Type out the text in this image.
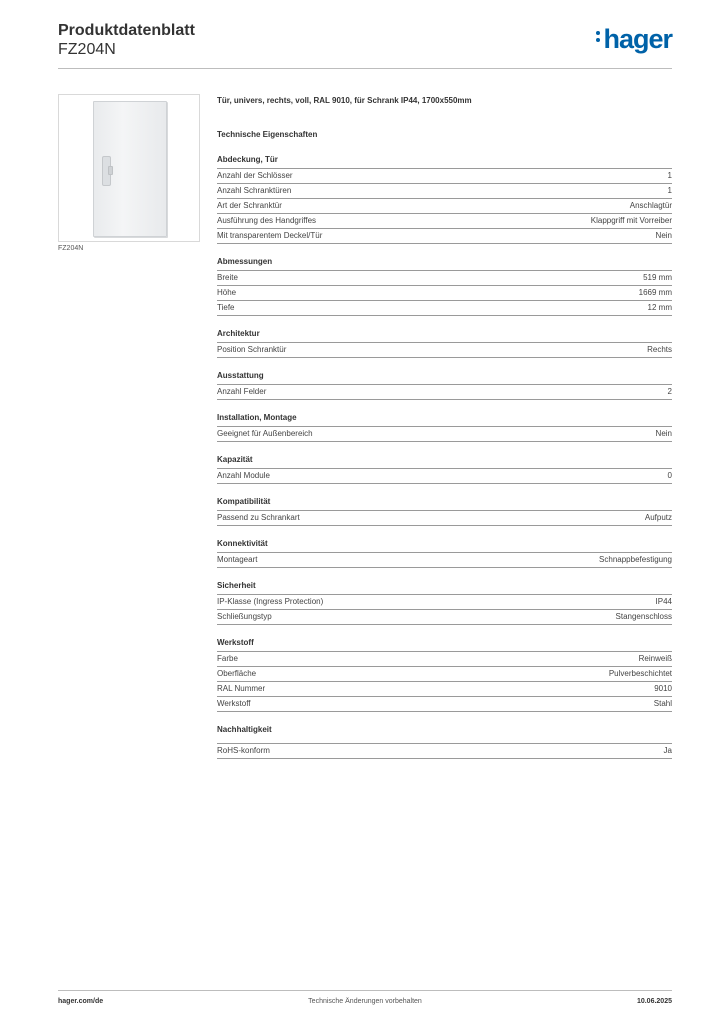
Produktdatenblatt
FZ204N	hager
FZ204N
Tür, univers, rechts, voll, RAL 9010, für Schrank IP44, 1700x550mm
Technische Eigenschaften
Abdeckung, Tür
Anzahl der Schlösser	1
Anzahl Schranktüren	1
Art der Schranktür	Anschlagtür
Ausführung des Handgriffes	Klappgriff mit Vorreiber
Mit transparentem Deckel/Tür	Nein
Abmessungen
Breite	519 mm
Höhe	1669 mm
Tiefe	12 mm
Architektur
Position Schranktür	Rechts
Ausstattung
Anzahl Felder	2
Installation, Montage
Geeignet für Außenbereich	Nein
Kapazität
Anzahl Module	0
Kompatibilität
Passend zu Schrankart	Aufputz
Konnektivität
Montageart	Schnappbefestigung
Sicherheit
IP-Klasse (Ingress Protection)	IP44
Schließungstyp	Stangenschloss
Werkstoff
Farbe	Reinweiß
Oberfläche	Pulverbeschichtet
RAL Nummer	9010
Werkstoff	Stahl
Nachhaltigkeit
RoHS-konform	Ja
hager.com/de	Technische Änderungen vorbehalten	10.06.2025
